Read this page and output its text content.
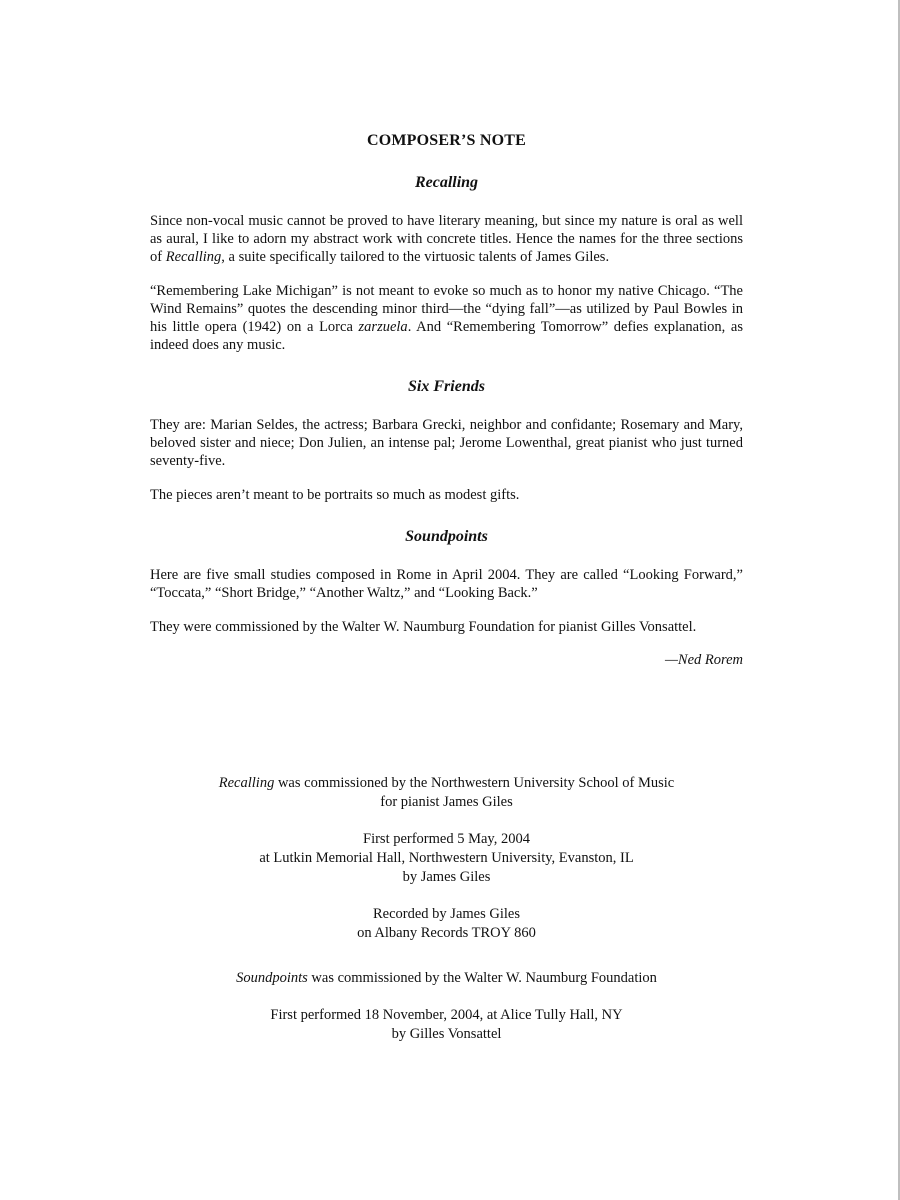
COMPOSER’S NOTE
Recalling

Since non-vocal music cannot be proved to have literary meaning, but since my nature is oral as well as aural, I like to adorn my abstract work with concrete titles. Hence the names for the three sections of Recalling, a suite specifically tailored to the virtuosic talents of James Giles.

“Remembering Lake Michigan” is not meant to evoke so much as to honor my native Chicago. “The Wind Remains” quotes the descending minor third—the “dying fall”—as utilized by Paul Bowles in his little opera (1942) on a Lorca zarzuela. And “Remembering Tomorrow” defies explanation, as indeed does any music.

Six Friends

They are: Marian Seldes, the actress; Barbara Grecki, neighbor and confidante; Rosemary and Mary, beloved sister and niece; Don Julien, an intense pal; Jerome Lowenthal, great pianist who just turned seventy-five.

The pieces aren’t meant to be portraits so much as modest gifts.

Soundpoints

Here are five small studies composed in Rome in April 2004. They are called “Looking Forward,” “Toccata,” “Short Bridge,” “Another Waltz,” and “Looking Back.”

They were commissioned by the Walter W. Naumburg Foundation for pianist Gilles Vonsattel.

—Ned Rorem
Recalling was commissioned by the Northwestern University School of Music
for pianist James Giles
First performed 5 May, 2004
at Lutkin Memorial Hall, Northwestern University, Evanston, IL
by James Giles
Recorded by James Giles
on Albany Records TROY 860
Soundpoints was commissioned by the Walter W. Naumburg Foundation
First performed 18 November, 2004, at Alice Tully Hall, NY
by Gilles Vonsattel
